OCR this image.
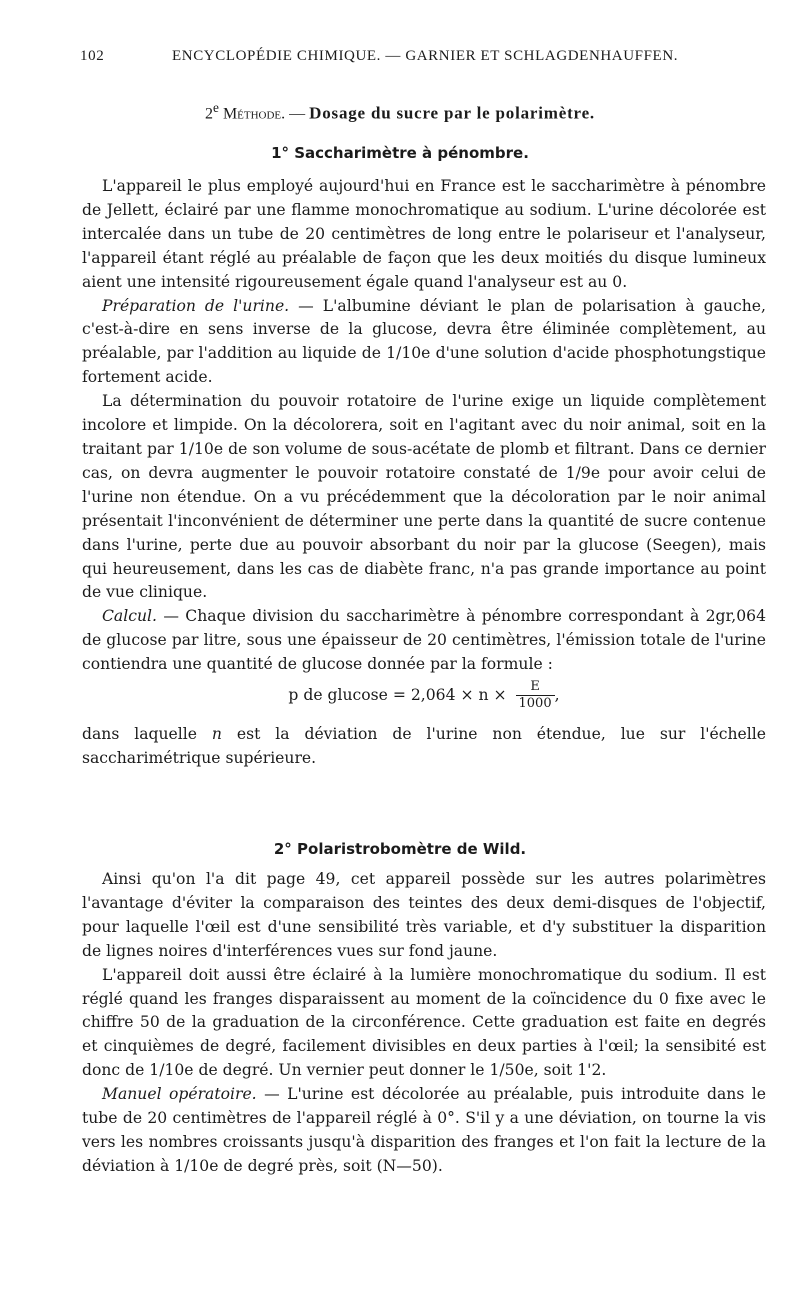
102	ENCYCLOPÉDIE CHIMIQUE. — GARNIER ET SCHLAGDENHAUFFEN.
2e Méthode. — Dosage du sucre par le polarimètre.
1° Saccharimètre à pénombre.

L'appareil le plus employé aujourd'hui en France est le saccharimètre à pénombre de Jellett, éclairé par une flamme monochromatique au sodium. L'urine décolorée est intercalée dans un tube de 20 centimètres de long entre le polariseur et l'analyseur, l'appareil étant réglé au préalable de façon que les deux moitiés du disque lumineux aient une intensité rigoureusement égale quand l'analyseur est au 0.

Préparation de l'urine. — L'albumine déviant le plan de polarisation à gauche, c'est-à-dire en sens inverse de la glucose, devra être éliminée complètement, au préalable, par l'addition au liquide de 1/10e d'une solution d'acide phosphotungstique fortement acide.

La détermination du pouvoir rotatoire de l'urine exige un liquide complètement incolore et limpide. On la décolorera, soit en l'agitant avec du noir animal, soit en la traitant par 1/10e de son volume de sous-acétate de plomb et filtrant. Dans ce dernier cas, on devra augmenter le pouvoir rotatoire constaté de 1/9e pour avoir celui de l'urine non étendue. On a vu précédemment que la décoloration par le noir animal présentait l'inconvénient de déterminer une perte dans la quantité de sucre contenue dans l'urine, perte due au pouvoir absorbant du noir par la glucose (Seegen), mais qui heureusement, dans les cas de diabète franc, n'a pas grande importance au point de vue clinique.

Calcul. — Chaque division du saccharimètre à pénombre correspondant à 2gr,064 de glucose par litre, sous une épaisseur de 20 centimètres, l'émission totale de l'urine contiendra une quantité de glucose donnée par la formule :

p de $glucose = 2,064 \times n \times \frac{E}{1000}$ ,

dans laquelle n est la déviation de l'urine non étendue, lue sur l'échelle saccharimétrique supérieure.

2° Polaristrobomètre de Wild.

Ainsi qu'on l'a dit page 49, cet appareil possède sur les autres polarimètres l'avantage d'éviter la comparaison des teintes des deux demi-disques de l'objectif, pour laquelle l'œil est d'une sensibilité très variable, et d'y substituer la disparition de lignes noires d'interférences vues sur fond jaune.

L'appareil doit aussi être éclairé à la lumière monochromatique du sodium. Il est réglé quand les franges disparaissent au moment de la coïncidence du 0 fixe avec le chiffre 50 de la graduation de la circonférence. Cette graduation est faite en degrés et cinquièmes de degré, facilement divisibles en deux parties à l'œil; la sensibité est donc de 1/10e de degré. Un vernier peut donner le 1/50e, soit 1'2.

Manuel opératoire. — L'urine est décolorée au préalable, puis introduite dans le tube de 20 centimètres de l'appareil réglé à 0°. S'il y a une déviation, on tourne la vis vers les nombres croissants jusqu'à disparition des franges et l'on fait la lecture de la déviation à 1/10e de degré près, soit (N—50).
